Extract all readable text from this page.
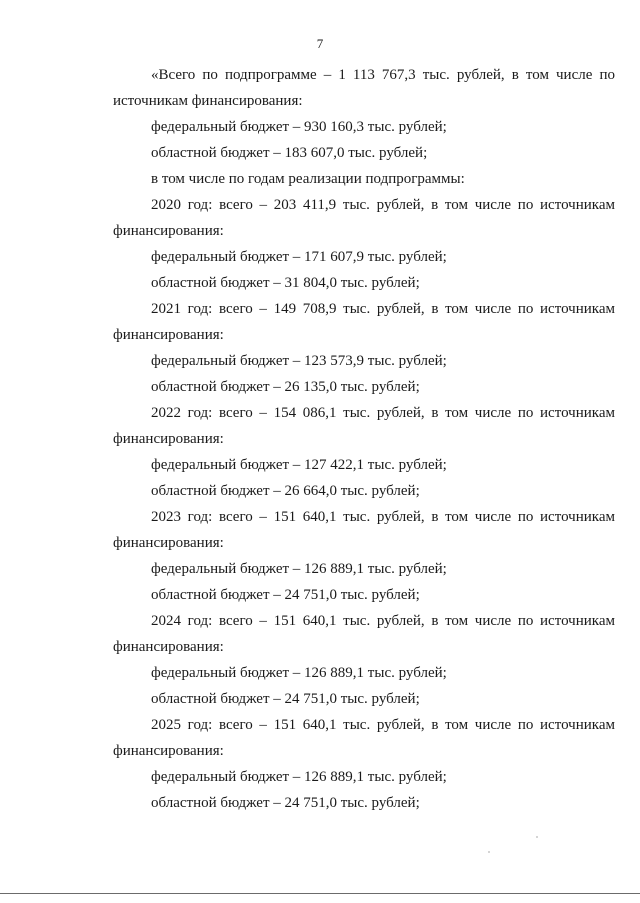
7

«Всего по подпрограмме – 1 113 767,3 тыс. рублей, в том числе по
источникам финансирования:

федеральный бюджет – 930 160,3 тыс. рублей;

областной бюджет – 183 607,0 тыс. рублей;

в том числе по годам реализации подпрограммы:

2020 год: всего – 203 411,9 тыс. рублей, в том числе по источникам
финансирования:

федеральный бюджет – 171 607,9 тыс. рублей;

областной бюджет – 31 804,0 тыс. рублей;

2021 год: всего – 149 708,9 тыс. рублей, в том числе по источникам
финансирования:

федеральный бюджет – 123 573,9 тыс. рублей;

областной бюджет – 26 135,0 тыс. рублей;

2022 год: всего – 154 086,1 тыс. рублей, в том числе по источникам
финансирования:

федеральный бюджет – 127 422,1 тыс. рублей;

областной бюджет – 26 664,0 тыс. рублей;

2023 год: всего – 151 640,1 тыс. рублей, в том числе по источникам
финансирования:

федеральный бюджет – 126 889,1 тыс. рублей;

областной бюджет – 24 751,0 тыс. рублей;

2024 год: всего – 151 640,1 тыс. рублей, в том числе по источникам
финансирования:

федеральный бюджет – 126 889,1 тыс. рублей;

областной бюджет – 24 751,0 тыс. рублей;

2025 год: всего – 151 640,1 тыс. рублей, в том числе по источникам
финансирования:

федеральный бюджет – 126 889,1 тыс. рублей;

областной бюджет – 24 751,0 тыс. рублей;
